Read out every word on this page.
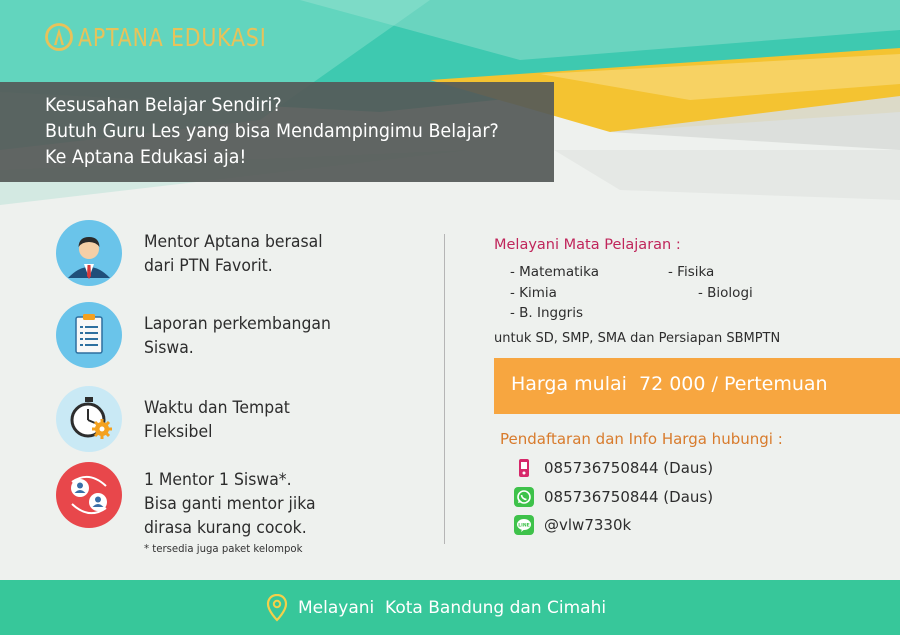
APTANA EDUKASI
Kesusahan Belajar Sendiri?
Butuh Guru Les yang bisa Mendampingimu Belajar?
Ke Aptana Edukasi aja!
Mentor Aptana berasal
dari PTN Favorit.
Laporan perkembangan
Siswa.
Waktu dan Tempat
Fleksibel
1 Mentor 1 Siswa*.
Bisa ganti mentor jika
dirasa kurang cocok.
* tersedia juga paket kelompok
Melayani Mata Pelajaran :
- Matematika	- Fisika
- Kimia	- Biologi
- B. Inggris
untuk SD, SMP, SMA dan Persiapan SBMPTN
Harga mulai  72 000 / Pertemuan
Pendaftaran dan Info Harga hubungi :
085736750844 (Daus)
085736750844 (Daus)
LINE @vlw7330k
Melayani  Kota Bandung dan Cimahi
